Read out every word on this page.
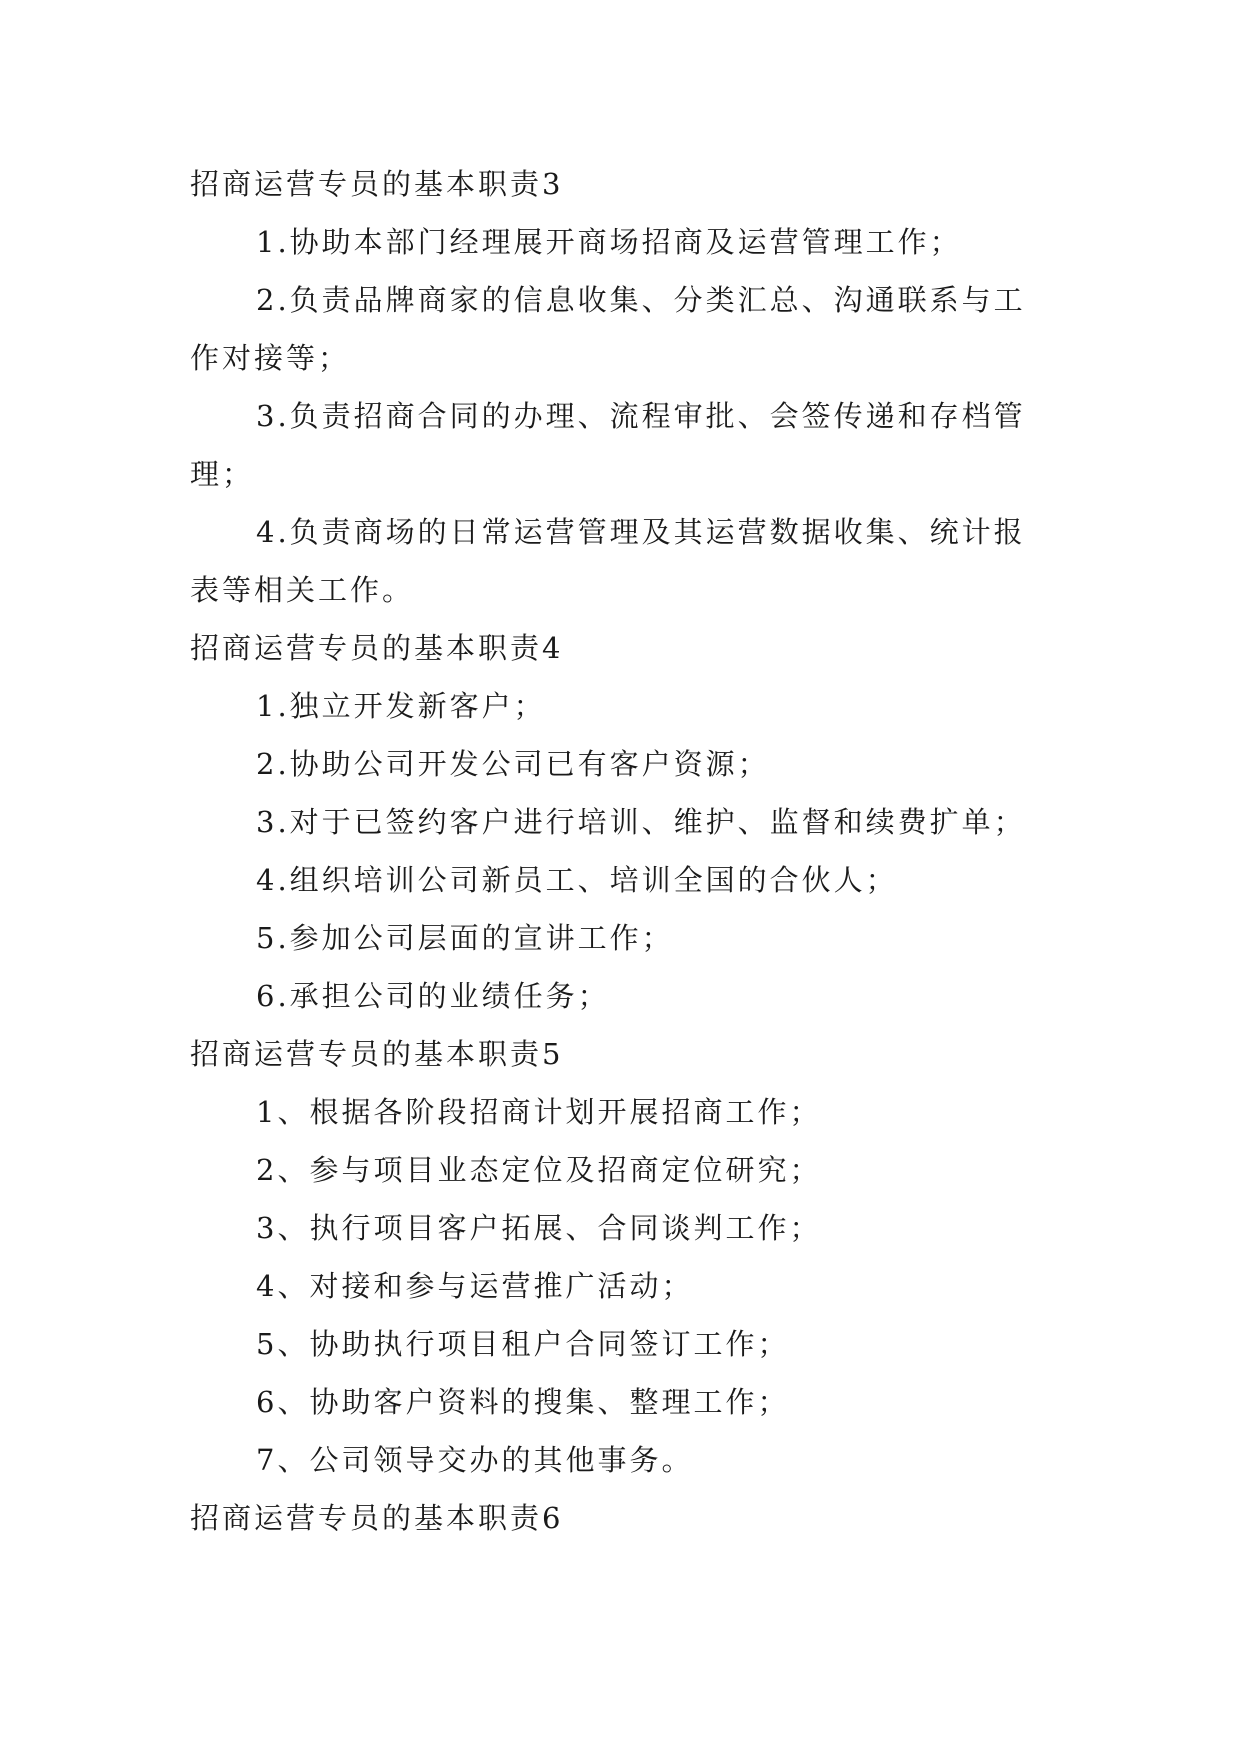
招商运营专员的基本职责3

1.协助本部门经理展开商场招商及运营管理工作；

2.负责品牌商家的信息收集、分类汇总、沟通联系与工作对接等；

3.负责招商合同的办理、流程审批、会签传递和存档管理；

4.负责商场的日常运营管理及其运营数据收集、统计报表等相关工作。

招商运营专员的基本职责4

1.独立开发新客户；

2.协助公司开发公司已有客户资源；

3.对于已签约客户进行培训、维护、监督和续费扩单；

4.组织培训公司新员工、培训全国的合伙人；

5.参加公司层面的宣讲工作；

6.承担公司的业绩任务；

招商运营专员的基本职责5

1、根据各阶段招商计划开展招商工作；

2、参与项目业态定位及招商定位研究；

3、执行项目客户拓展、合同谈判工作；

4、对接和参与运营推广活动；

5、协助执行项目租户合同签订工作；

6、协助客户资料的搜集、整理工作；

7、公司领导交办的其他事务。

招商运营专员的基本职责6
